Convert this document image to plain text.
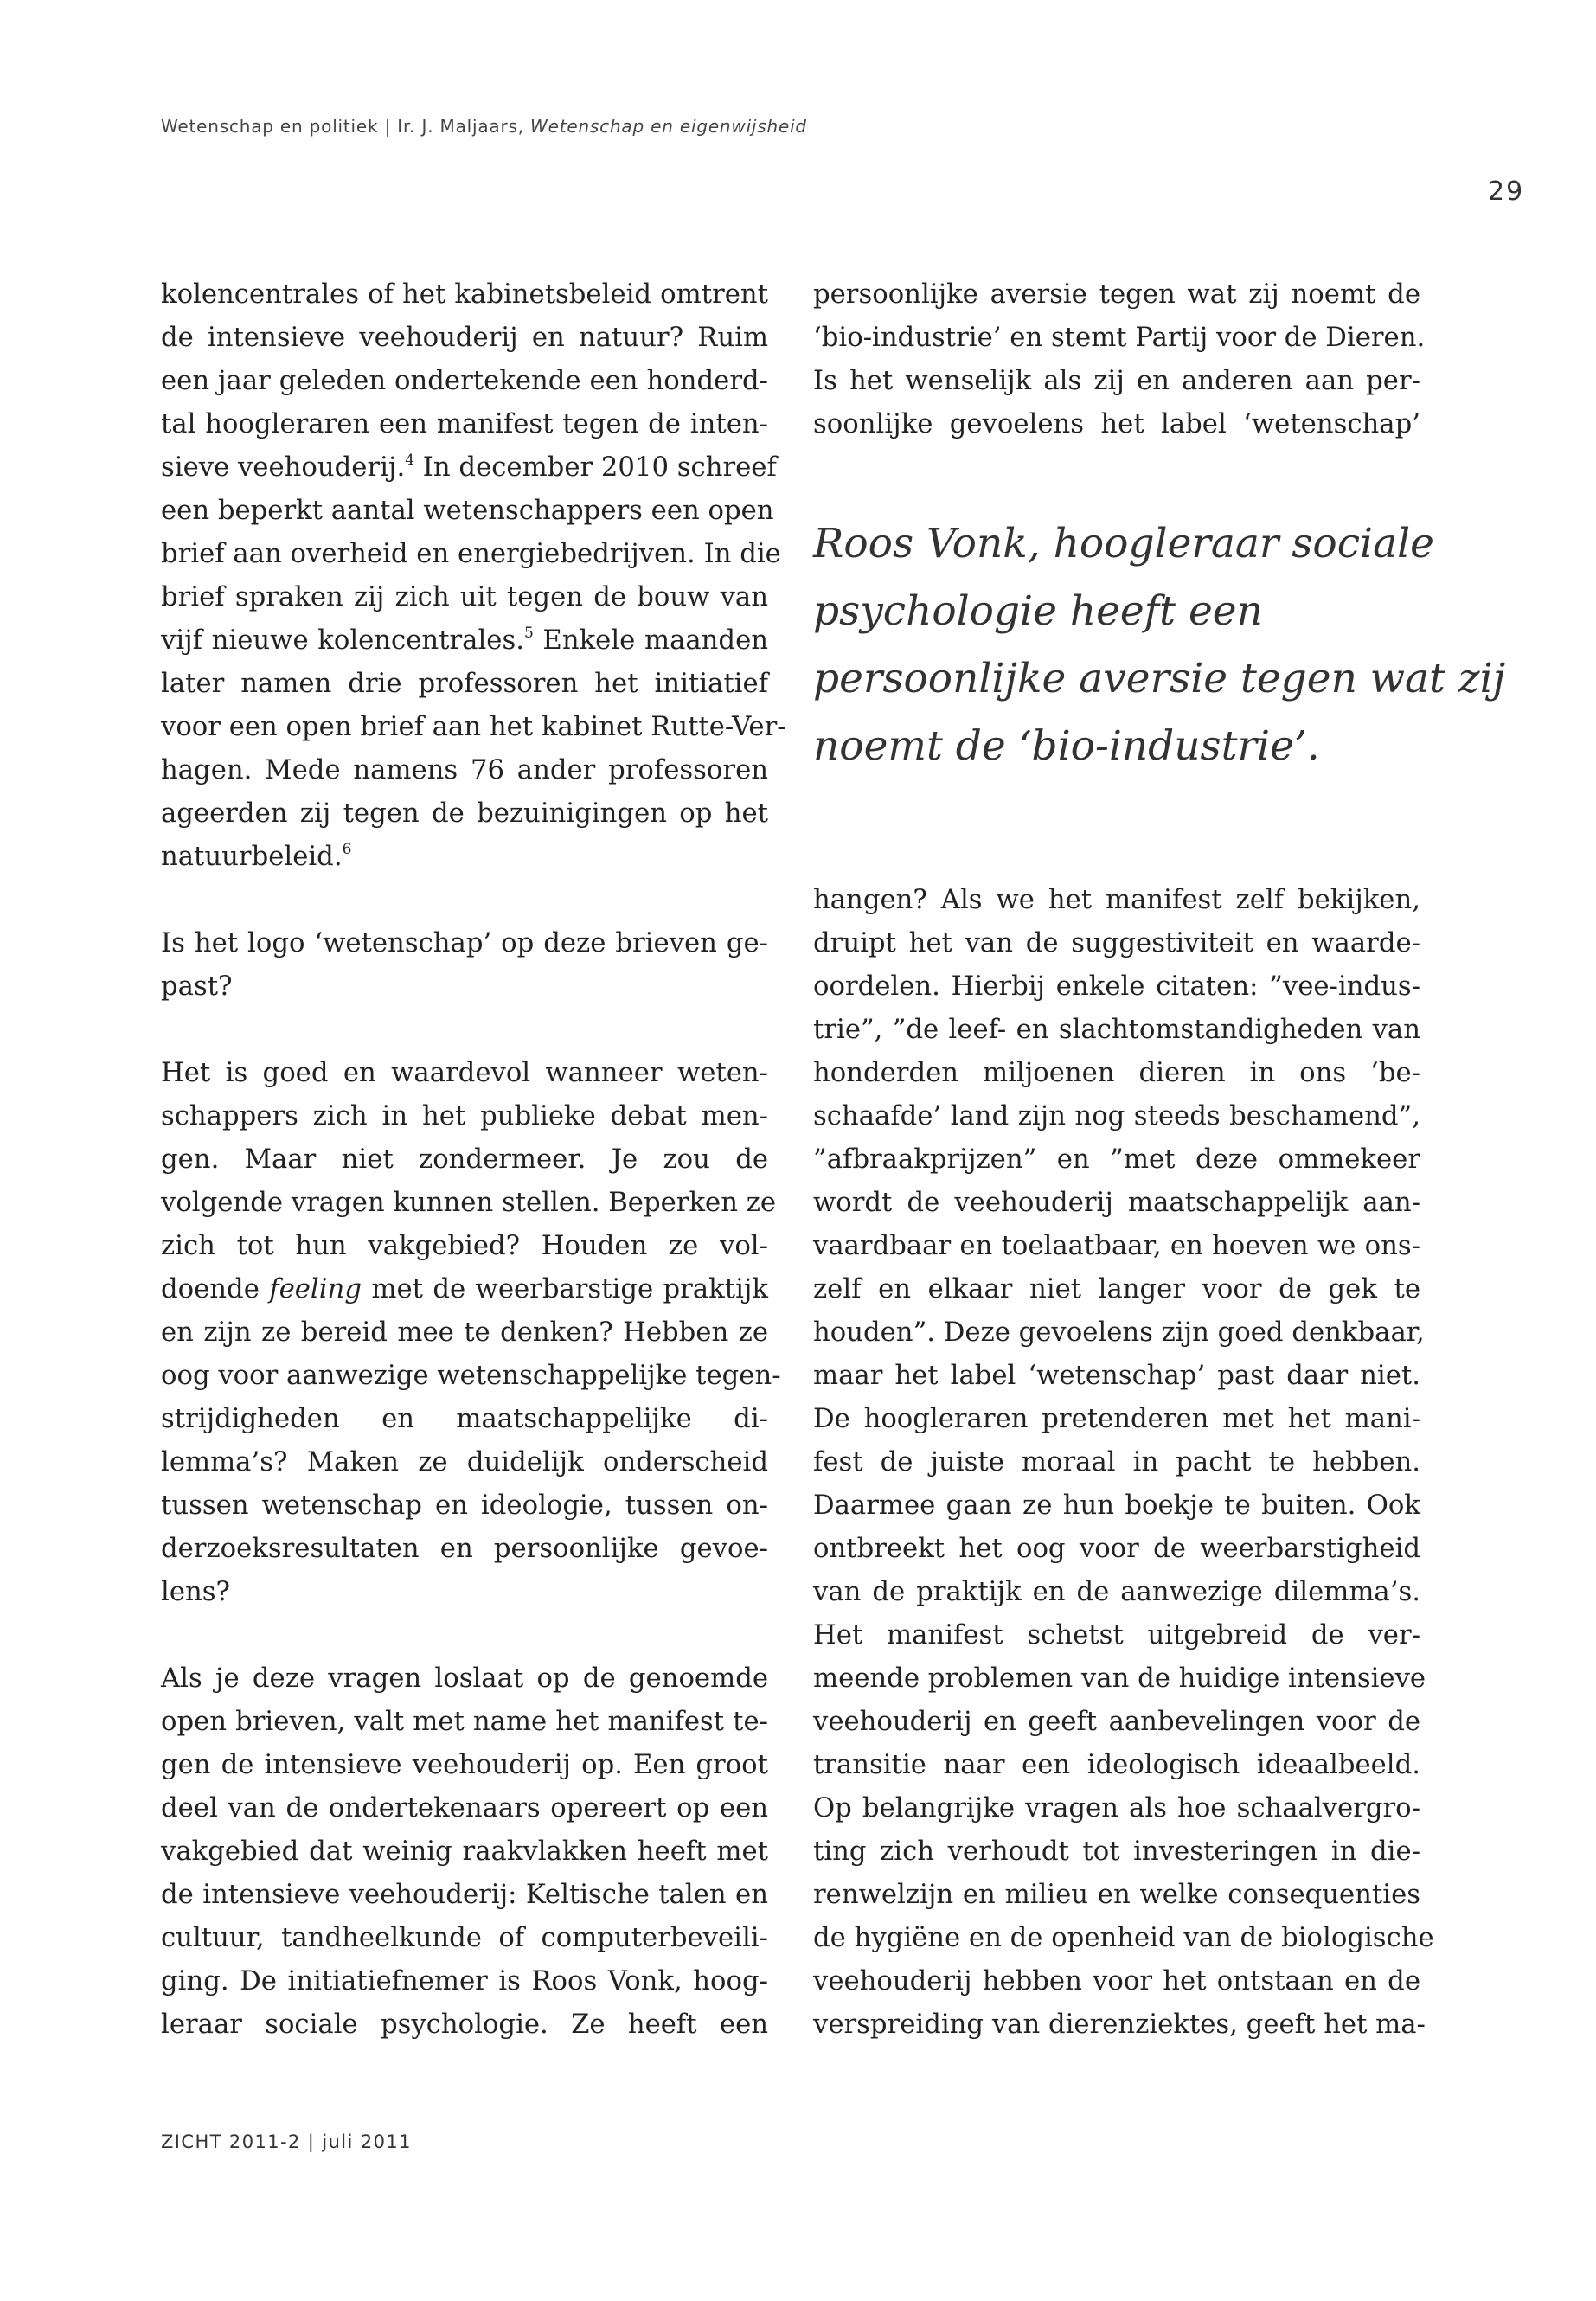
Wetenschap en politiek | Ir. J. Maljaars, Wetenschap en eigenwijsheid
29
kolencentrales of het kabinetsbeleid omtrent
de intensieve veehouderij en natuur? Ruim
een jaar geleden ondertekende een honderd-
tal hoogleraren een manifest tegen de inten-
sieve veehouderij.$^4$ In december 2010 schreef
een beperkt aantal wetenschappers een open
brief aan overheid en energiebedrijven. In die
brief spraken zij zich uit tegen de bouw van
vijf nieuwe kolencentrales.$^5$ Enkele maanden
later namen drie professoren het initiatief
voor een open brief aan het kabinet Rutte-Ver-
hagen. Mede namens 76 ander professoren
ageerden zij tegen de bezuinigingen op het
natuurbeleid.$^6$
Is het logo ‘wetenschap’ op deze brieven ge-
past?
Het is goed en waardevol wanneer weten-
schappers zich in het publieke debat men-
gen. Maar niet zondermeer. Je zou de
volgende vragen kunnen stellen. Beperken ze
zich tot hun vakgebied? Houden ze vol-
doende feeling met de weerbarstige praktijk
en zijn ze bereid mee te denken? Hebben ze
oog voor aanwezige wetenschappelijke tegen-
strijdigheden en maatschappelijke di-
lemma’s? Maken ze duidelijk onderscheid
tussen wetenschap en ideologie, tussen on-
derzoeksresultaten en persoonlijke gevoe-
lens?
Als je deze vragen loslaat op de genoemde
open brieven, valt met name het manifest te-
gen de intensieve veehouderij op. Een groot
deel van de ondertekenaars opereert op een
vakgebied dat weinig raakvlakken heeft met
de intensieve veehouderij: Keltische talen en
cultuur, tandheelkunde of computerbeveili-
ging. De initiatiefnemer is Roos Vonk, hoog-
leraar sociale psychologie. Ze heeft een
persoonlijke aversie tegen wat zij noemt de
‘bio-industrie’ en stemt Partij voor de Dieren.
Is het wenselijk als zij en anderen aan per-
soonlijke gevoelens het label ‘wetenschap’
Roos Vonk, hoogleraar sociale
psychologie heeft een
persoonlijke aversie tegen wat zij
noemt de ‘bio-industrie’.
hangen? Als we het manifest zelf bekijken,
druipt het van de suggestiviteit en waarde-
oordelen. Hierbij enkele citaten: ”vee-indus-
trie”, ”de leef- en slachtomstandigheden van
honderden miljoenen dieren in ons ‘be-
schaafde’ land zijn nog steeds beschamend”,
”afbraakprijzen” en ”met deze ommekeer
wordt de veehouderij maatschappelijk aan-
vaardbaar en toelaatbaar, en hoeven we ons-
zelf en elkaar niet langer voor de gek te
houden”. Deze gevoelens zijn goed denkbaar,
maar het label ‘wetenschap’ past daar niet.
De hoogleraren pretenderen met het mani-
fest de juiste moraal in pacht te hebben.
Daarmee gaan ze hun boekje te buiten. Ook
ontbreekt het oog voor de weerbarstigheid
van de praktijk en de aanwezige dilemma’s.
Het manifest schetst uitgebreid de ver-
meende problemen van de huidige intensieve
veehouderij en geeft aanbevelingen voor de
transitie naar een ideologisch ideaalbeeld.
Op belangrijke vragen als hoe schaalvergro-
ting zich verhoudt tot investeringen in die-
renwelzijn en milieu en welke consequenties
de hygiëne en de openheid van de biologische
veehouderij hebben voor het ontstaan en de
verspreiding van dierenziektes, geeft het ma-
ZICHT 2011-2 | juli 2011
